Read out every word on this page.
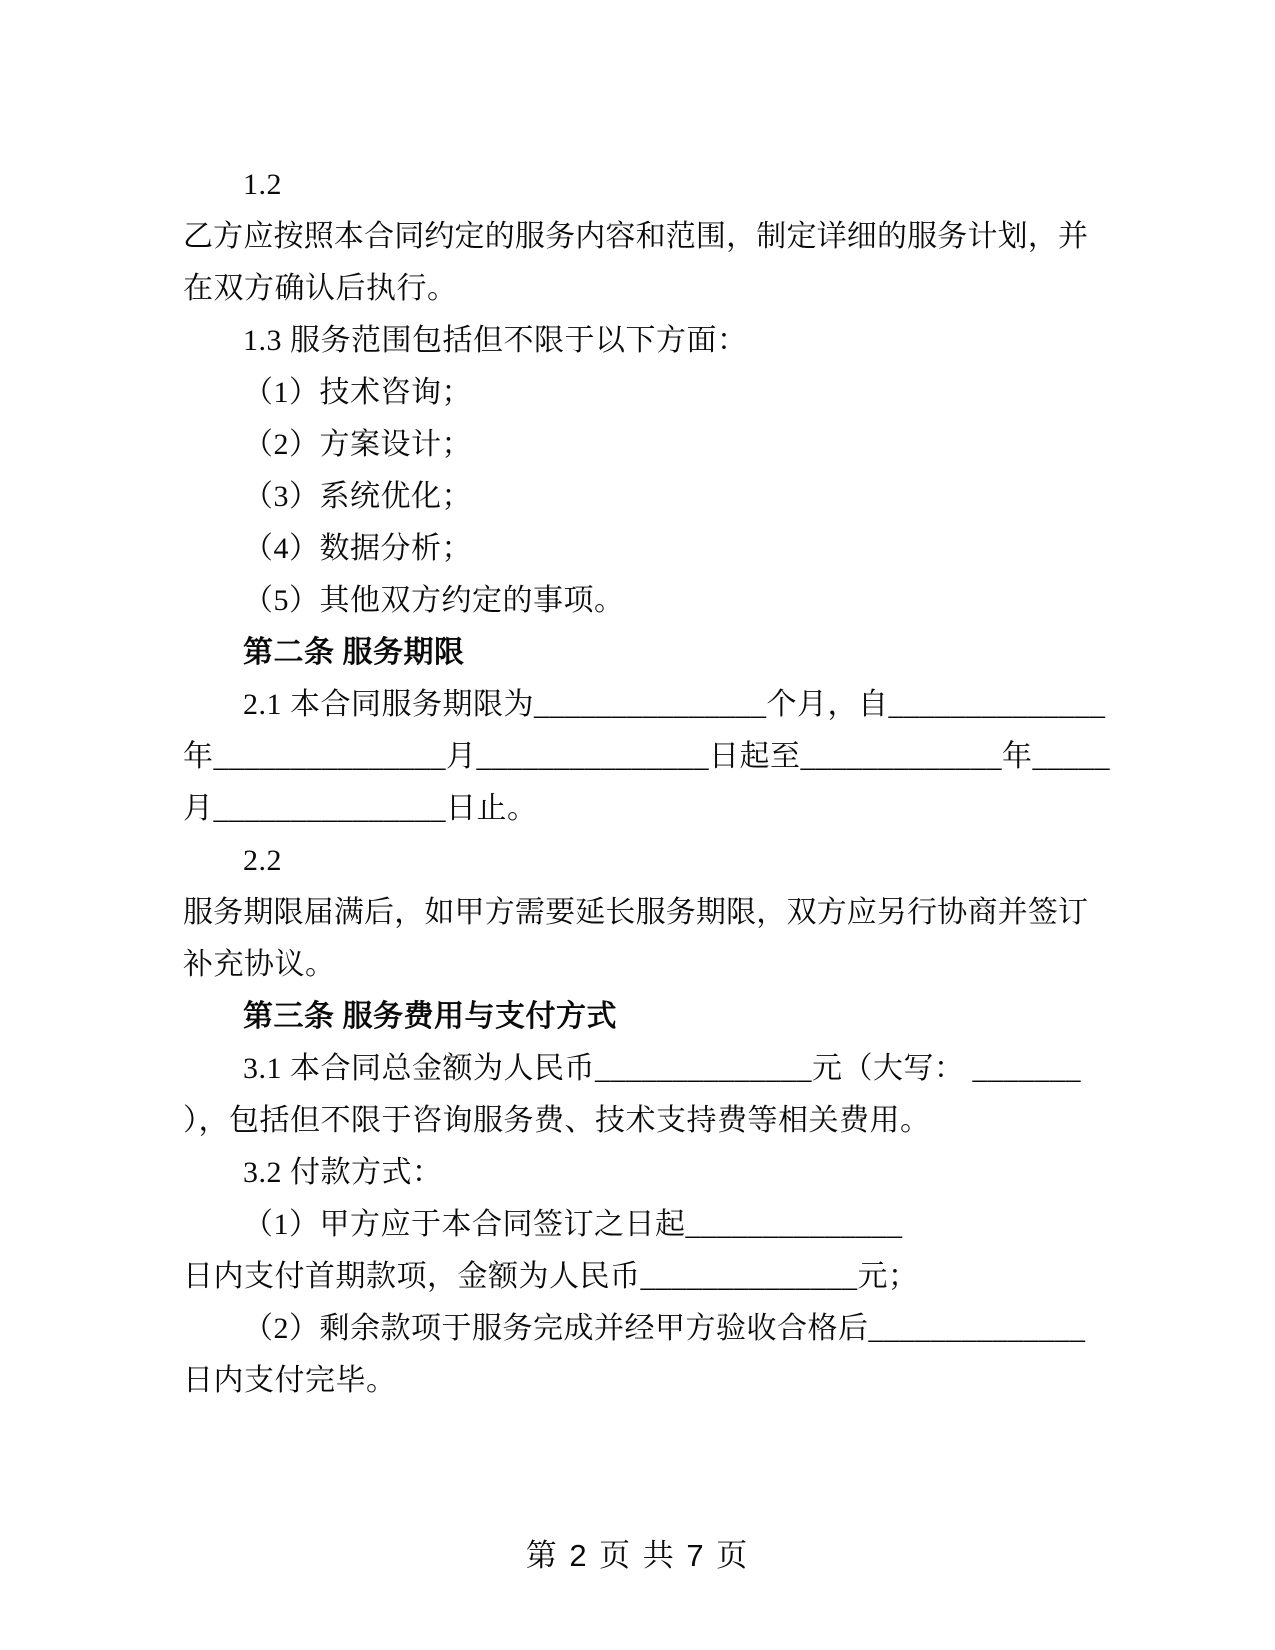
1.2
乙方应按照本合同约定的服务内容和范围，制定详细的服务计划，并
在双方确认后执行。
1.3 服务范围包括但不限于以下方面：
（1）技术咨询；
（2）方案设计；
（3）系统优化；
（4）数据分析；
（5）其他双方约定的事项。
第二条 服务期限
2.1 本合同服务期限为_______________个月，自______________
年_______________月_______________日起至_____________年_____
月_______________日止。
2.2
服务期限届满后，如甲方需要延长服务期限，双方应另行协商并签订
补充协议。
第三条 服务费用与支付方式
3.1 本合同总金额为人民币______________元（大写： _______
），包括但不限于咨询服务费、技术支持费等相关费用。
3.2 付款方式：
（1）甲方应于本合同签订之日起______________
日内支付首期款项，金额为人民币______________元；
（2）剩余款项于服务完成并经甲方验收合格后______________
日内支付完毕。
第 2 页 共 7 页
